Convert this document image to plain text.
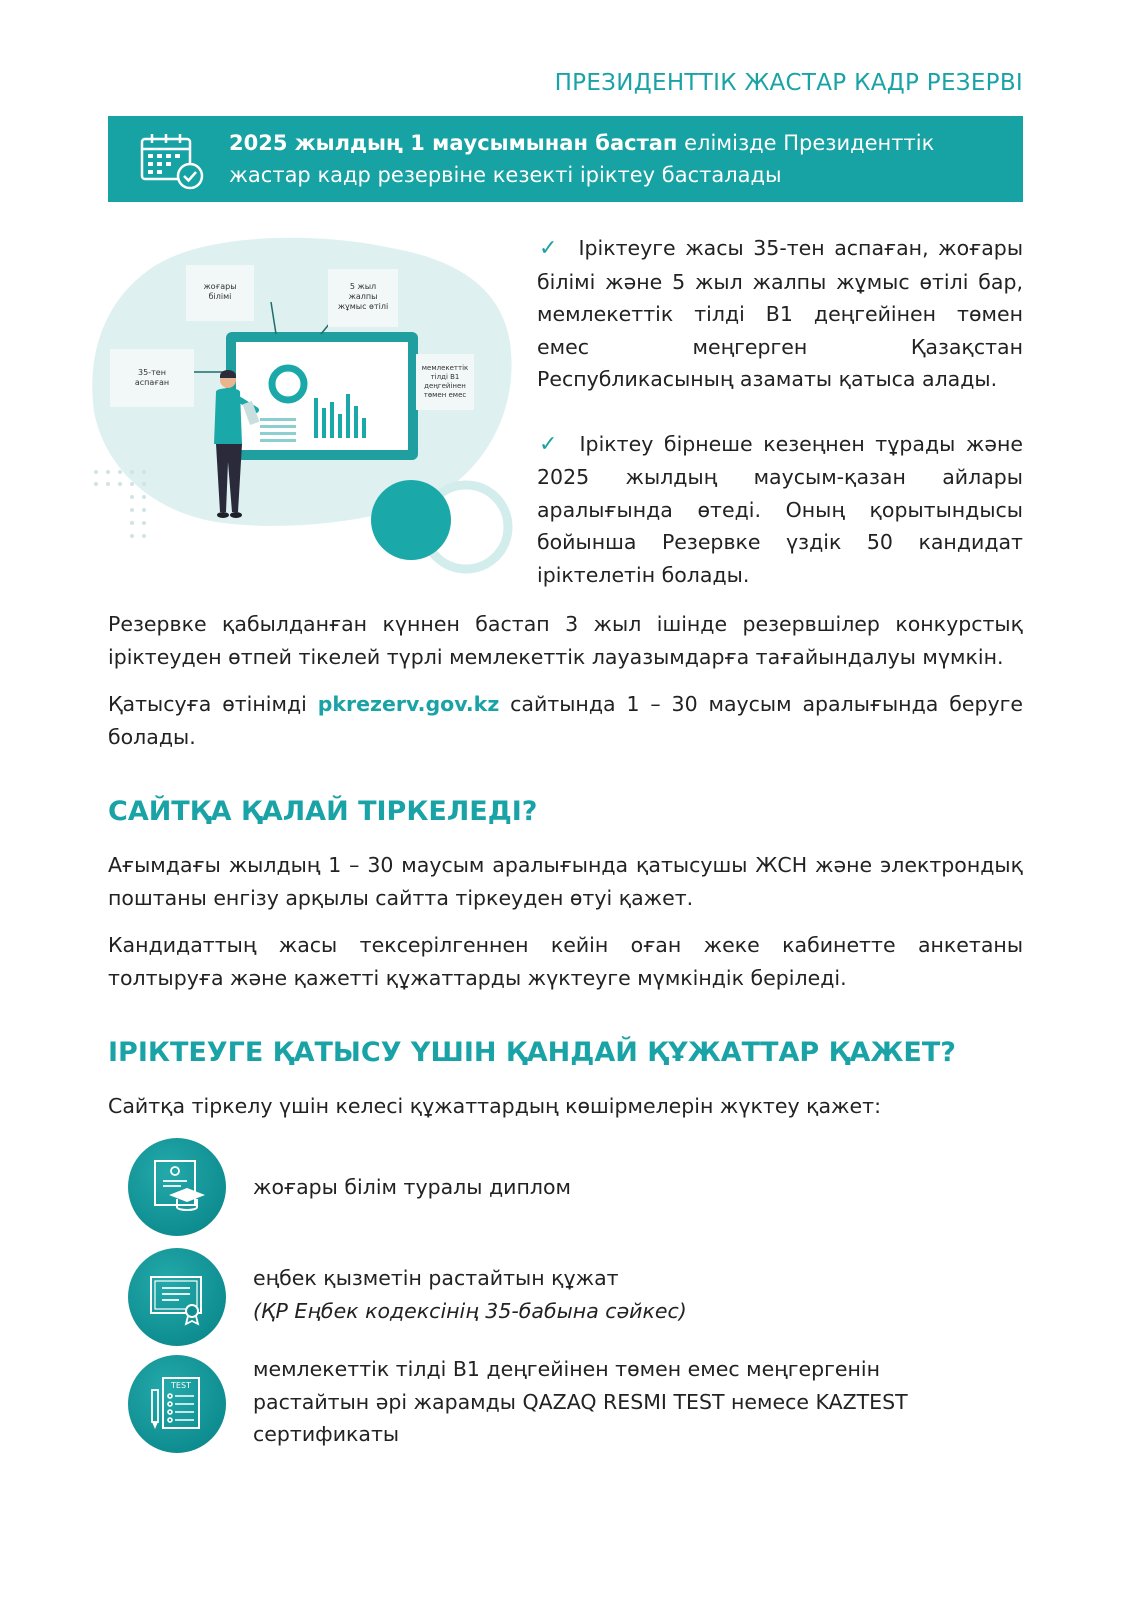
ПРЕЗИДЕНТТІК ЖАСТАР КАДР РЕЗЕРВІ
2025 жылдың 1 маусымынан бастап елімізде Президенттік жастар кадр резервіне кезекті іріктеу басталады
жоғары
білімі
5 жыл
жалпы
жұмыс өтілі
35-тен
аспаған
мемлекеттік
тілді В1
деңгейінен
төмен емес
✓ Іріктеуге жасы 35-тен аспаған, жоғары білімі және 5 жыл жалпы жұмыс өтілі бар, мемлекеттік тілді В1 деңгейінен төмен емес меңгерген Қазақстан Республикасының азаматы қатыса алады.
✓ Іріктеу бірнеше кезеңнен тұрады және 2025 жылдың маусым-қазан айлары аралығында өтеді. Оның қорытындысы бойынша Резервке үздік 50 кандидат іріктелетін болады.
Резервке қабылданған күннен бастап 3 жыл ішінде резервшілер конкурстық іріктеуден өтпей тікелей түрлі мемлекеттік лауазымдарға тағайындалуы мүмкін.
Қатысуға өтінімді pkrezerv.gov.kz сайтында 1 – 30 маусым аралығында беруге болады.
САЙТҚА ҚАЛАЙ ТІРКЕЛЕДІ?
Ағымдағы жылдың 1 – 30 маусым аралығында қатысушы ЖСН және электрондық поштаны енгізу арқылы сайтта тіркеуден өтуі қажет.
Кандидаттың жасы тексерілгеннен кейін оған жеке кабинетте анкетаны толтыруға және қажетті құжаттарды жүктеуге мүмкіндік беріледі.
ІРІКТЕУГЕ ҚАТЫСУ ҮШІН ҚАНДАЙ ҚҰЖАТТАР ҚАЖЕТ?
Сайтқа тіркелу үшін келесі құжаттардың көшірмелерін жүктеу қажет:
жоғары білім туралы диплом
еңбек қызметін растайтын құжат
(ҚР Еңбек кодексінің 35-бабына сәйкес)
TEST
мемлекеттік тілді В1 деңгейінен төмен емес меңгергенін растайтын әрі жарамды QAZAQ RESMI TEST немесе KAZTEST сертификаты
